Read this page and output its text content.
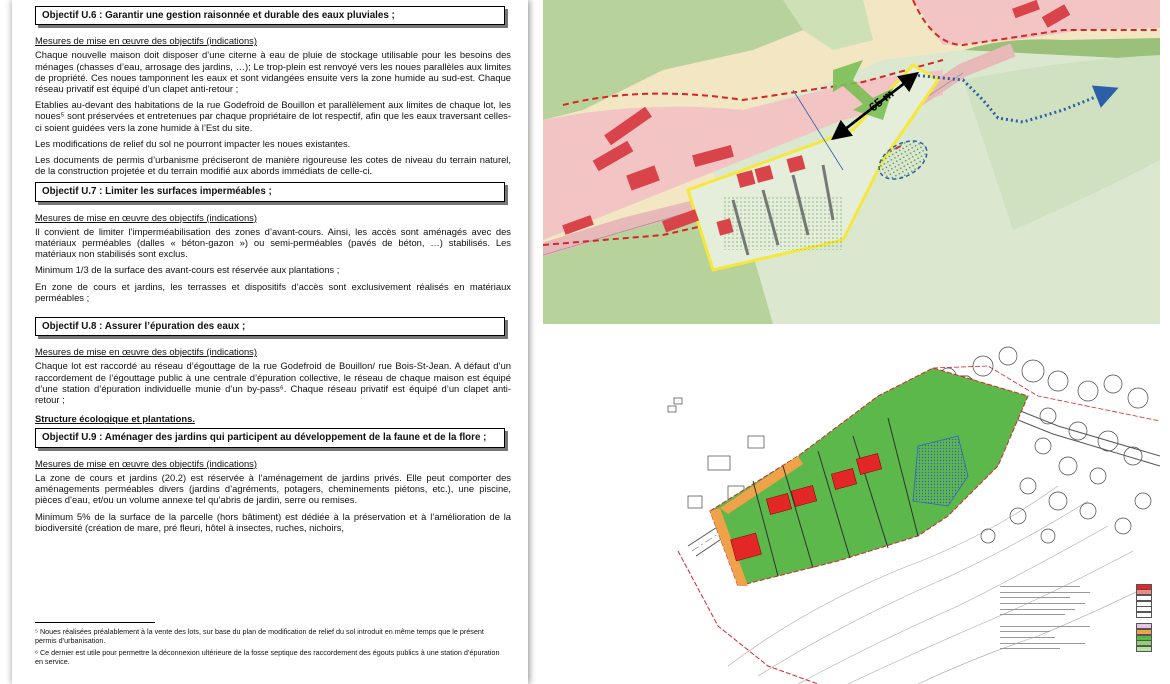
Objectif U.6 : Garantir une gestion raisonnée et durable des eaux pluviales ;
Mesures de mise en œuvre des objectifs (indications)

Chaque nouvelle maison doit disposer d’une citerne à eau de pluie de stockage utilisable pour les besoins des ménages (chasses d’eau, arrosage des jardins, …); Le trop-plein est renvoyé vers les noues parallèles aux limites de propriété. Ces noues tamponnent les eaux et sont vidangées ensuite vers la zone humide au sud-est. Chaque réseau privatif est équipé d’un clapet anti-retour ;

Etablies au-devant des habitations de la rue Godefroid de Bouillon et parallèlement aux limites de chaque lot, les noues⁵ sont préservées et entretenues par chaque propriétaire de lot respectif, afin que les eaux traversant celles-ci soient guidées vers la zone humide à l’Est du site.

Les modifications de relief du sol ne pourront impacter les noues existantes.

Les documents de permis d’urbanisme préciseront de manière rigoureuse les cotes de niveau du terrain naturel, de la construction projetée et du terrain modifié aux abords immédiats de celle-ci.

Objectif U.7 : Limiter les surfaces imperméables ;
Mesures de mise en œuvre des objectifs (indications)

Il convient de limiter l’imperméabilisation des zones d’avant-cours. Ainsi, les accès sont aménagés avec des matériaux perméables (dalles « béton-gazon ») ou semi-perméables (pavés de béton, …) stabilisés. Les matériaux non stabilisés sont exclus.

Minimum 1/3 de la surface des avant-cours est réservée aux plantations ;

En zone de cours et jardins, les terrasses et dispositifs d’accès sont exclusivement réalisés en matériaux perméables ;

Objectif U.8 : Assurer l’épuration des eaux ;
Mesures de mise en œuvre des objectifs (indications)

Chaque lot est raccordé au réseau d’égouttage de la rue Godefroid de Bouillon/ rue Bois-St-Jean. A défaut d’un raccordement de l’égouttage public à une centrale d’épuration collective, le réseau de chaque maison est équipé d’une station d’épuration individuelle munie d’un by-pass⁶. Chaque réseau privatif est équipé d’un clapet anti-retour ;

Structure écologique et plantations.
Objectif U.9 : Aménager des jardins qui participent au développement de la faune et de la flore ;
Mesures de mise en œuvre des objectifs (indications)

La zone de cours et jardins (20.2) est réservée à l’aménagement de jardins privés. Elle peut comporter des aménagements perméables divers (jardins d’agréments, potagers, cheminements piétons, etc.), une piscine, pièces d’eau, et/ou un volume annexe tel qu’abris de jardin, serre ou remises.

Minimum 5% de la surface de la parcelle (hors bâtiment) est dédiée à la préservation et à l’amélioration de la biodiversité (création de mare, pré fleuri, hôtel à insectes, ruches, nichoirs,

⁵ Noues réalisées préalablement à la vente des lots, sur base du plan de modification de relief du sol introduit en même temps que le présent permis d’urbanisation.

⁶ Ce dernier est utile pour permettre la déconnexion ultérieure de la fosse septique des raccordement des égouts publics à une station d’épuration en service.

65 m
